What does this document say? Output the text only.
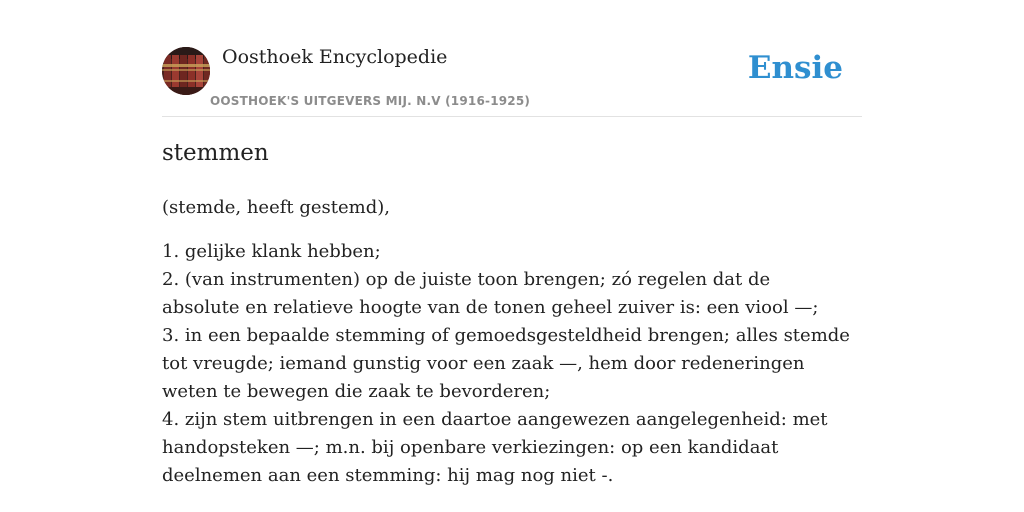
Oosthoek Encyclopedie
OOSTHOEK'S UITGEVERS MIJ. N.V (1916-1925)
Ensie
stemmen

(stemde, heeft gestemd),

1. gelijke klank hebben;
2. (van instrumenten) op de juiste toon brengen; zó regelen dat de absolute en relatieve hoogte van de tonen geheel zuiver is: een viool —;
3. in een bepaalde stemming of gemoedsgesteldheid brengen; alles stemde tot vreugde; iemand gunstig voor een zaak —, hem door redeneringen weten te bewegen die zaak te bevorderen;
4. zijn stem uitbrengen in een daartoe aangewezen aangelegenheid: met handopsteken —; m.n. bij openbare verkiezingen: op een kandidaat deelnemen aan een stemming: hij mag nog niet -.
